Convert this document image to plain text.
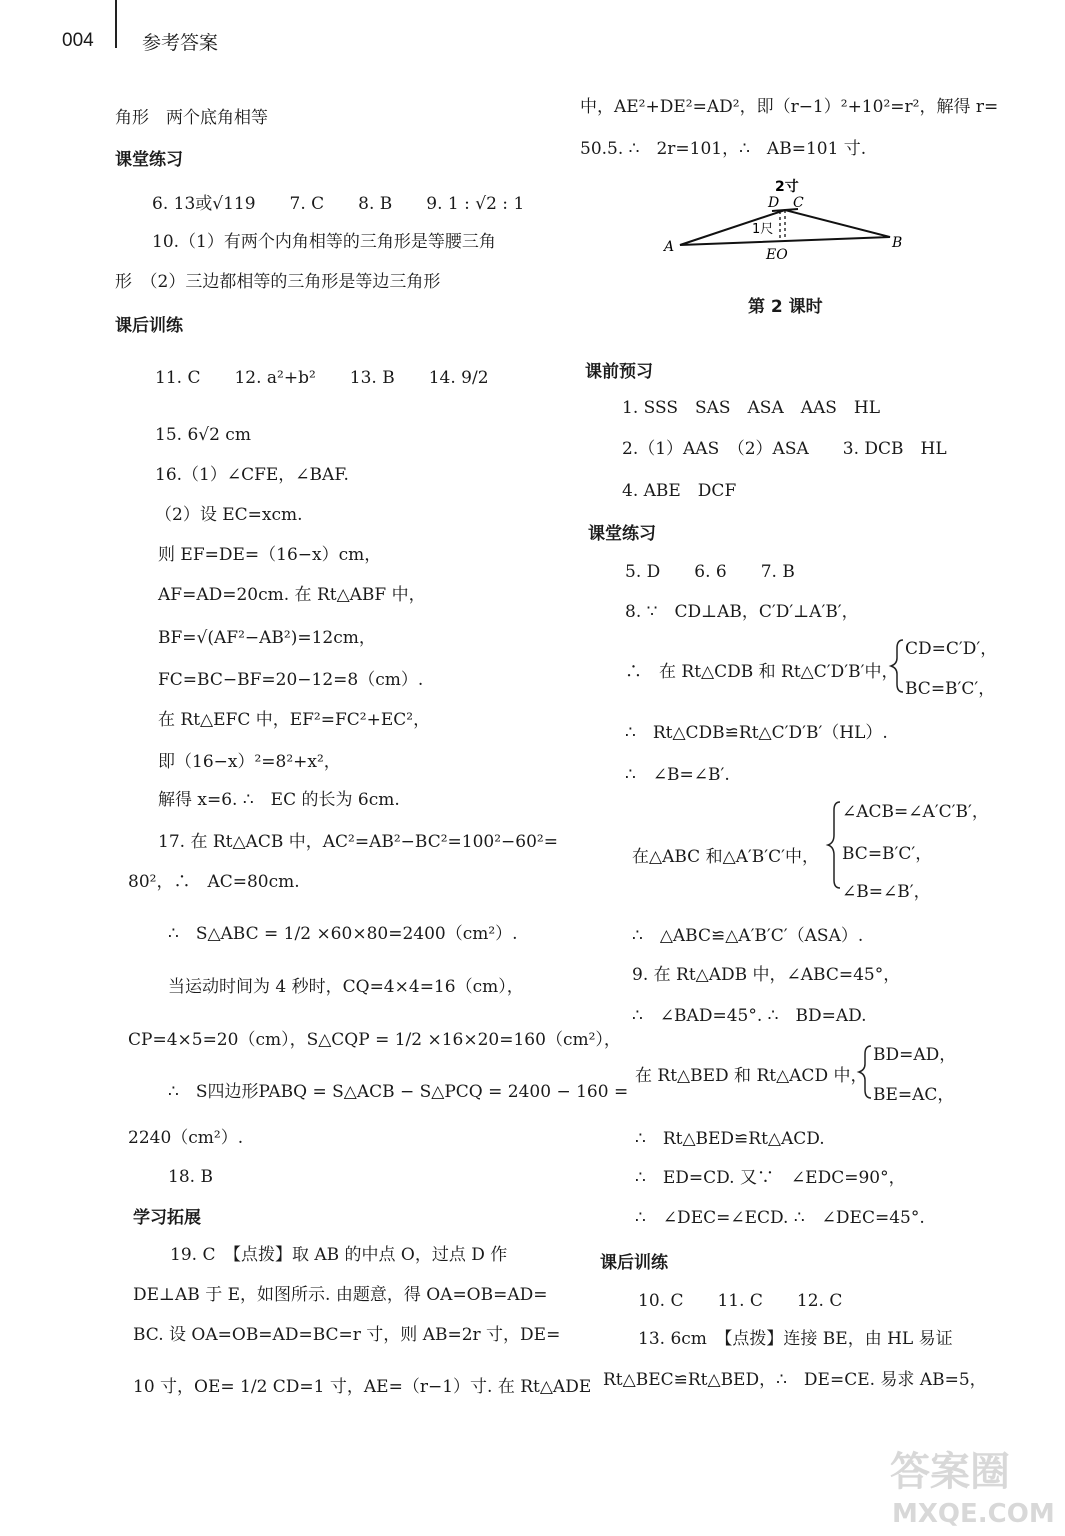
004	参考答案
角形　两个底角相等
课堂练习
6. 13或√119　　7. C　　8. B　　9. 1 : √2 : 1
10.（1）有两个内角相等的三角形是等腰三角
形　（2）三边都相等的三角形是等边三角形
课后训练
11. C　　12. a²+b²　　13. B　　14. 9/2
15. 6√2 cm
16.（1）∠CFE，∠BAF.
（2）设 EC=xcm.
则 EF=DE=（16−x）cm，
AF=AD=20cm. 在 Rt△ABF 中，
BF=√(AF²−AB²)=12cm，
FC=BC−BF=20−12=8（cm）.
在 Rt△EFC 中，EF²=FC²+EC²，
即（16−x）²=8²+x²，
解得 x=6. ∴　EC 的长为 6cm.
17. 在 Rt△ACB 中，AC²=AB²−BC²=100²−60²=
80²，∴　AC=80cm.
∴　S△ABC = 1/2 ×60×80=2400（cm²）.
当运动时间为 4 秒时，CQ=4×4=16（cm），
CP=4×5=20（cm），S△CQP = 1/2 ×16×20=160（cm²），
∴　S四边形PABQ = S△ACB − S△PCQ = 2400 − 160 =
2240（cm²）.
18. B
学习拓展
19. C　【点拨】取 AB 的中点 O，过点 D 作
DE⊥AB 于 E，如图所示. 由题意，得 OA=OB=AD=
BC. 设 OA=OB=AD=BC=r 寸，则 AB=2r 寸，DE=
10 寸，OE= 1/2 CD=1 寸，AE=（r−1）寸. 在 Rt△ADE
中，AE²+DE²=AD²，即（r−1）²+10²=r²，解得 r=
50.5. ∴　2r=101，∴　AB=101 寸.
第 2 课时
课前预习
1. SSS　SAS　ASA　AAS　HL
2.（1）AAS　（2）ASA　　3. DCB　HL
4. ABE　DCF
课堂练习
5. D　　6. 6　　7. B
8. ∵　CD⊥AB，C′D′⊥A′B′，
∴　在 Rt△CDB 和 Rt△C′D′B′中，
CD=C′D′，
BC=B′C′，
∴　Rt△CDB≌Rt△C′D′B′（HL）.
∴　∠B=∠B′.
在△ABC 和△A′B′C′中，
∠ACB=∠A′C′B′，
BC=B′C′，
∠B=∠B′，
∴　△ABC≌△A′B′C′（ASA）.
9. 在 Rt△ADB 中，∠ABC=45°，
∴　∠BAD=45°. ∴　BD=AD.
在 Rt△BED 和 Rt△ACD 中，
BD=AD，
BE=AC，
∴　Rt△BED≌Rt△ACD.
∴　ED=CD. 又∵　∠EDC=90°，
∴　∠DEC=∠ECD. ∴　∠DEC=45°.
课后训练
10. C　　11. C　　12. C
13. 6cm　【点拨】连接 BE，由 HL 易证
Rt△BEC≌Rt△BED，∴　DE=CE. 易求 AB=5，
2寸
D C
A	B
1尺
EO
答案圈
MXQE.COM
